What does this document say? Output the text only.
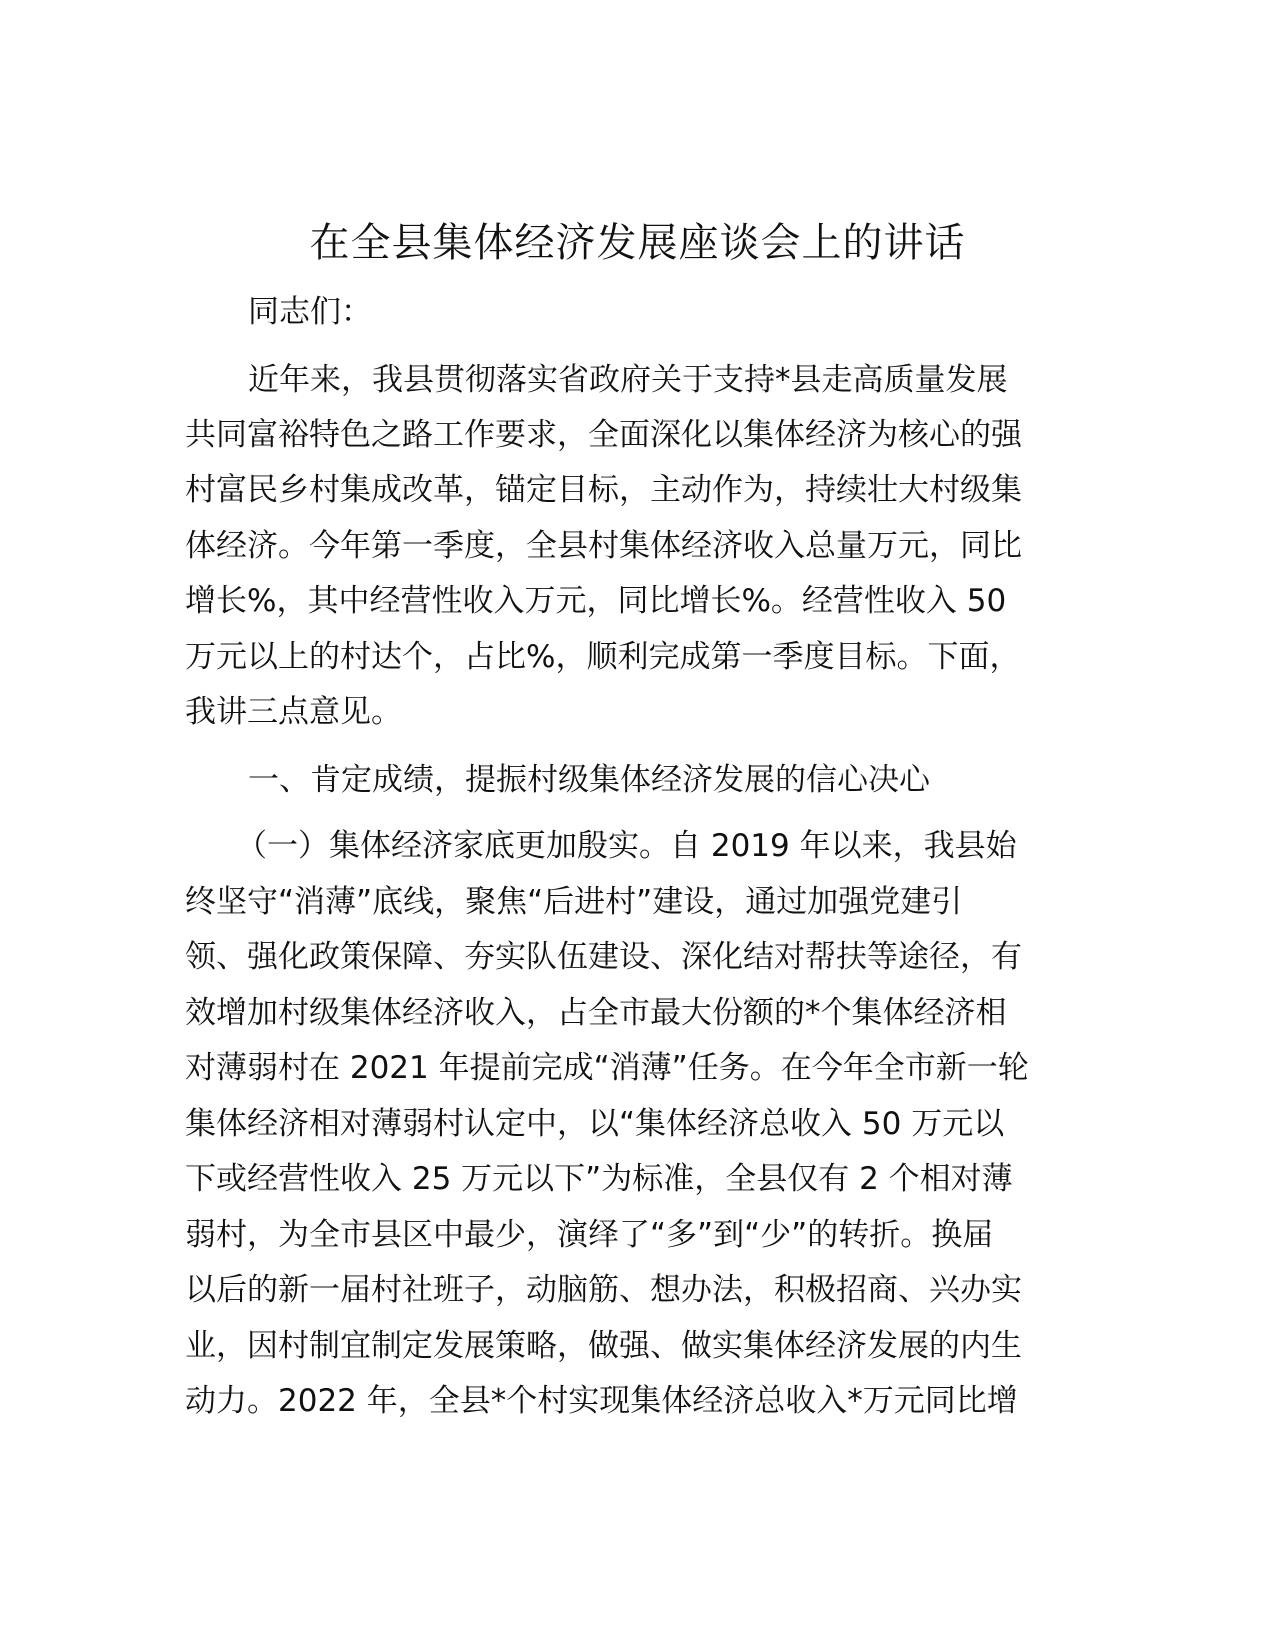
在全县集体经济发展座谈会上的讲话
同志们：
近年来，我县贯彻落实省政府关于支持*县走高质量发展
共同富裕特色之路工作要求，全面深化以集体经济为核心的强
村富民乡村集成改革，锚定目标，主动作为，持续壮大村级集
体经济。今年第一季度，全县村集体经济收入总量万元，同比
增长%，其中经营性收入万元，同比增长%。经营性收入 50
万元以上的村达个，占比%，顺利完成第一季度目标。下面，
我讲三点意见。
一、肯定成绩，提振村级集体经济发展的信心决心
（一）集体经济家底更加殷实。自 2019 年以来，我县始
终坚守“消薄”底线，聚焦“后进村”建设，通过加强党建引
领、强化政策保障、夯实队伍建设、深化结对帮扶等途径，有
效增加村级集体经济收入，占全市最大份额的*个集体经济相
对薄弱村在 2021 年提前完成“消薄”任务。在今年全市新一轮
集体经济相对薄弱村认定中，以“集体经济总收入 50 万元以
下或经营性收入 25 万元以下”为标准，全县仅有 2 个相对薄
弱村，为全市县区中最少，演绎了“多”到“少”的转折。换届
以后的新一届村社班子，动脑筋、想办法，积极招商、兴办实
业，因村制宜制定发展策略，做强、做实集体经济发展的内生
动力。2022 年，全县*个村实现集体经济总收入*万元同比增
